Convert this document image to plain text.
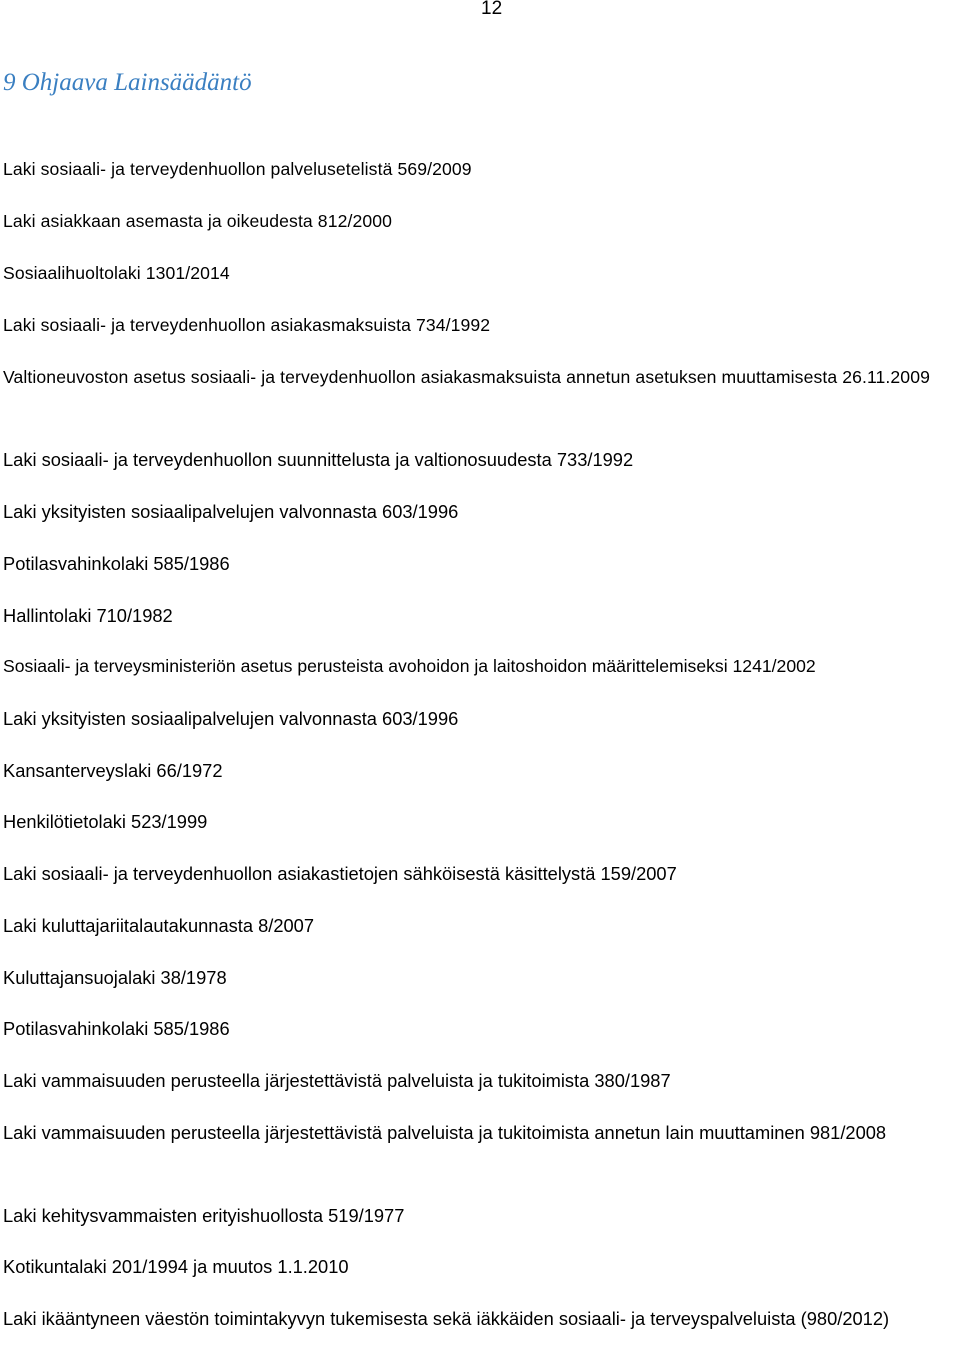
12
9 Ohjaava Lainsäädäntö

Laki sosiaali- ja terveydenhuollon palvelusetelistä 569/2009

Laki asiakkaan asemasta ja oikeudesta 812/2000

Sosiaalihuoltolaki 1301/2014

Laki sosiaali- ja terveydenhuollon asiakasmaksuista 734/1992

Valtioneuvoston asetus sosiaali- ja terveydenhuollon asiakasmaksuista annetun asetuksen muuttamisesta 26.11.2009

Laki sosiaali- ja terveydenhuollon suunnittelusta ja valtionosuudesta 733/1992

Laki yksityisten sosiaalipalvelujen valvonnasta 603/1996

Potilasvahinkolaki 585/1986

Hallintolaki 710/1982

Sosiaali- ja terveysministeriön asetus perusteista avohoidon ja laitoshoidon määrittelemiseksi 1241/2002

Laki yksityisten sosiaalipalvelujen valvonnasta 603/1996

Kansanterveyslaki 66/1972

Henkilötietolaki 523/1999

Laki sosiaali- ja terveydenhuollon asiakastietojen sähköisestä käsittelystä 159/2007

Laki kuluttajariitalautakunnasta 8/2007

Kuluttajansuojalaki 38/1978

Potilasvahinkolaki 585/1986

Laki vammaisuuden perusteella järjestettävistä palveluista ja tukitoimista 380/1987

Laki vammaisuuden perusteella järjestettävistä palveluista ja tukitoimista annetun lain muuttaminen 981/2008

Laki kehitysvammaisten erityishuollosta 519/1977

Kotikuntalaki 201/1994 ja muutos 1.1.2010

Laki ikääntyneen väestön toimintakyvyn tukemisesta sekä iäkkäiden sosiaali- ja terveyspalveluista (980/2012)
